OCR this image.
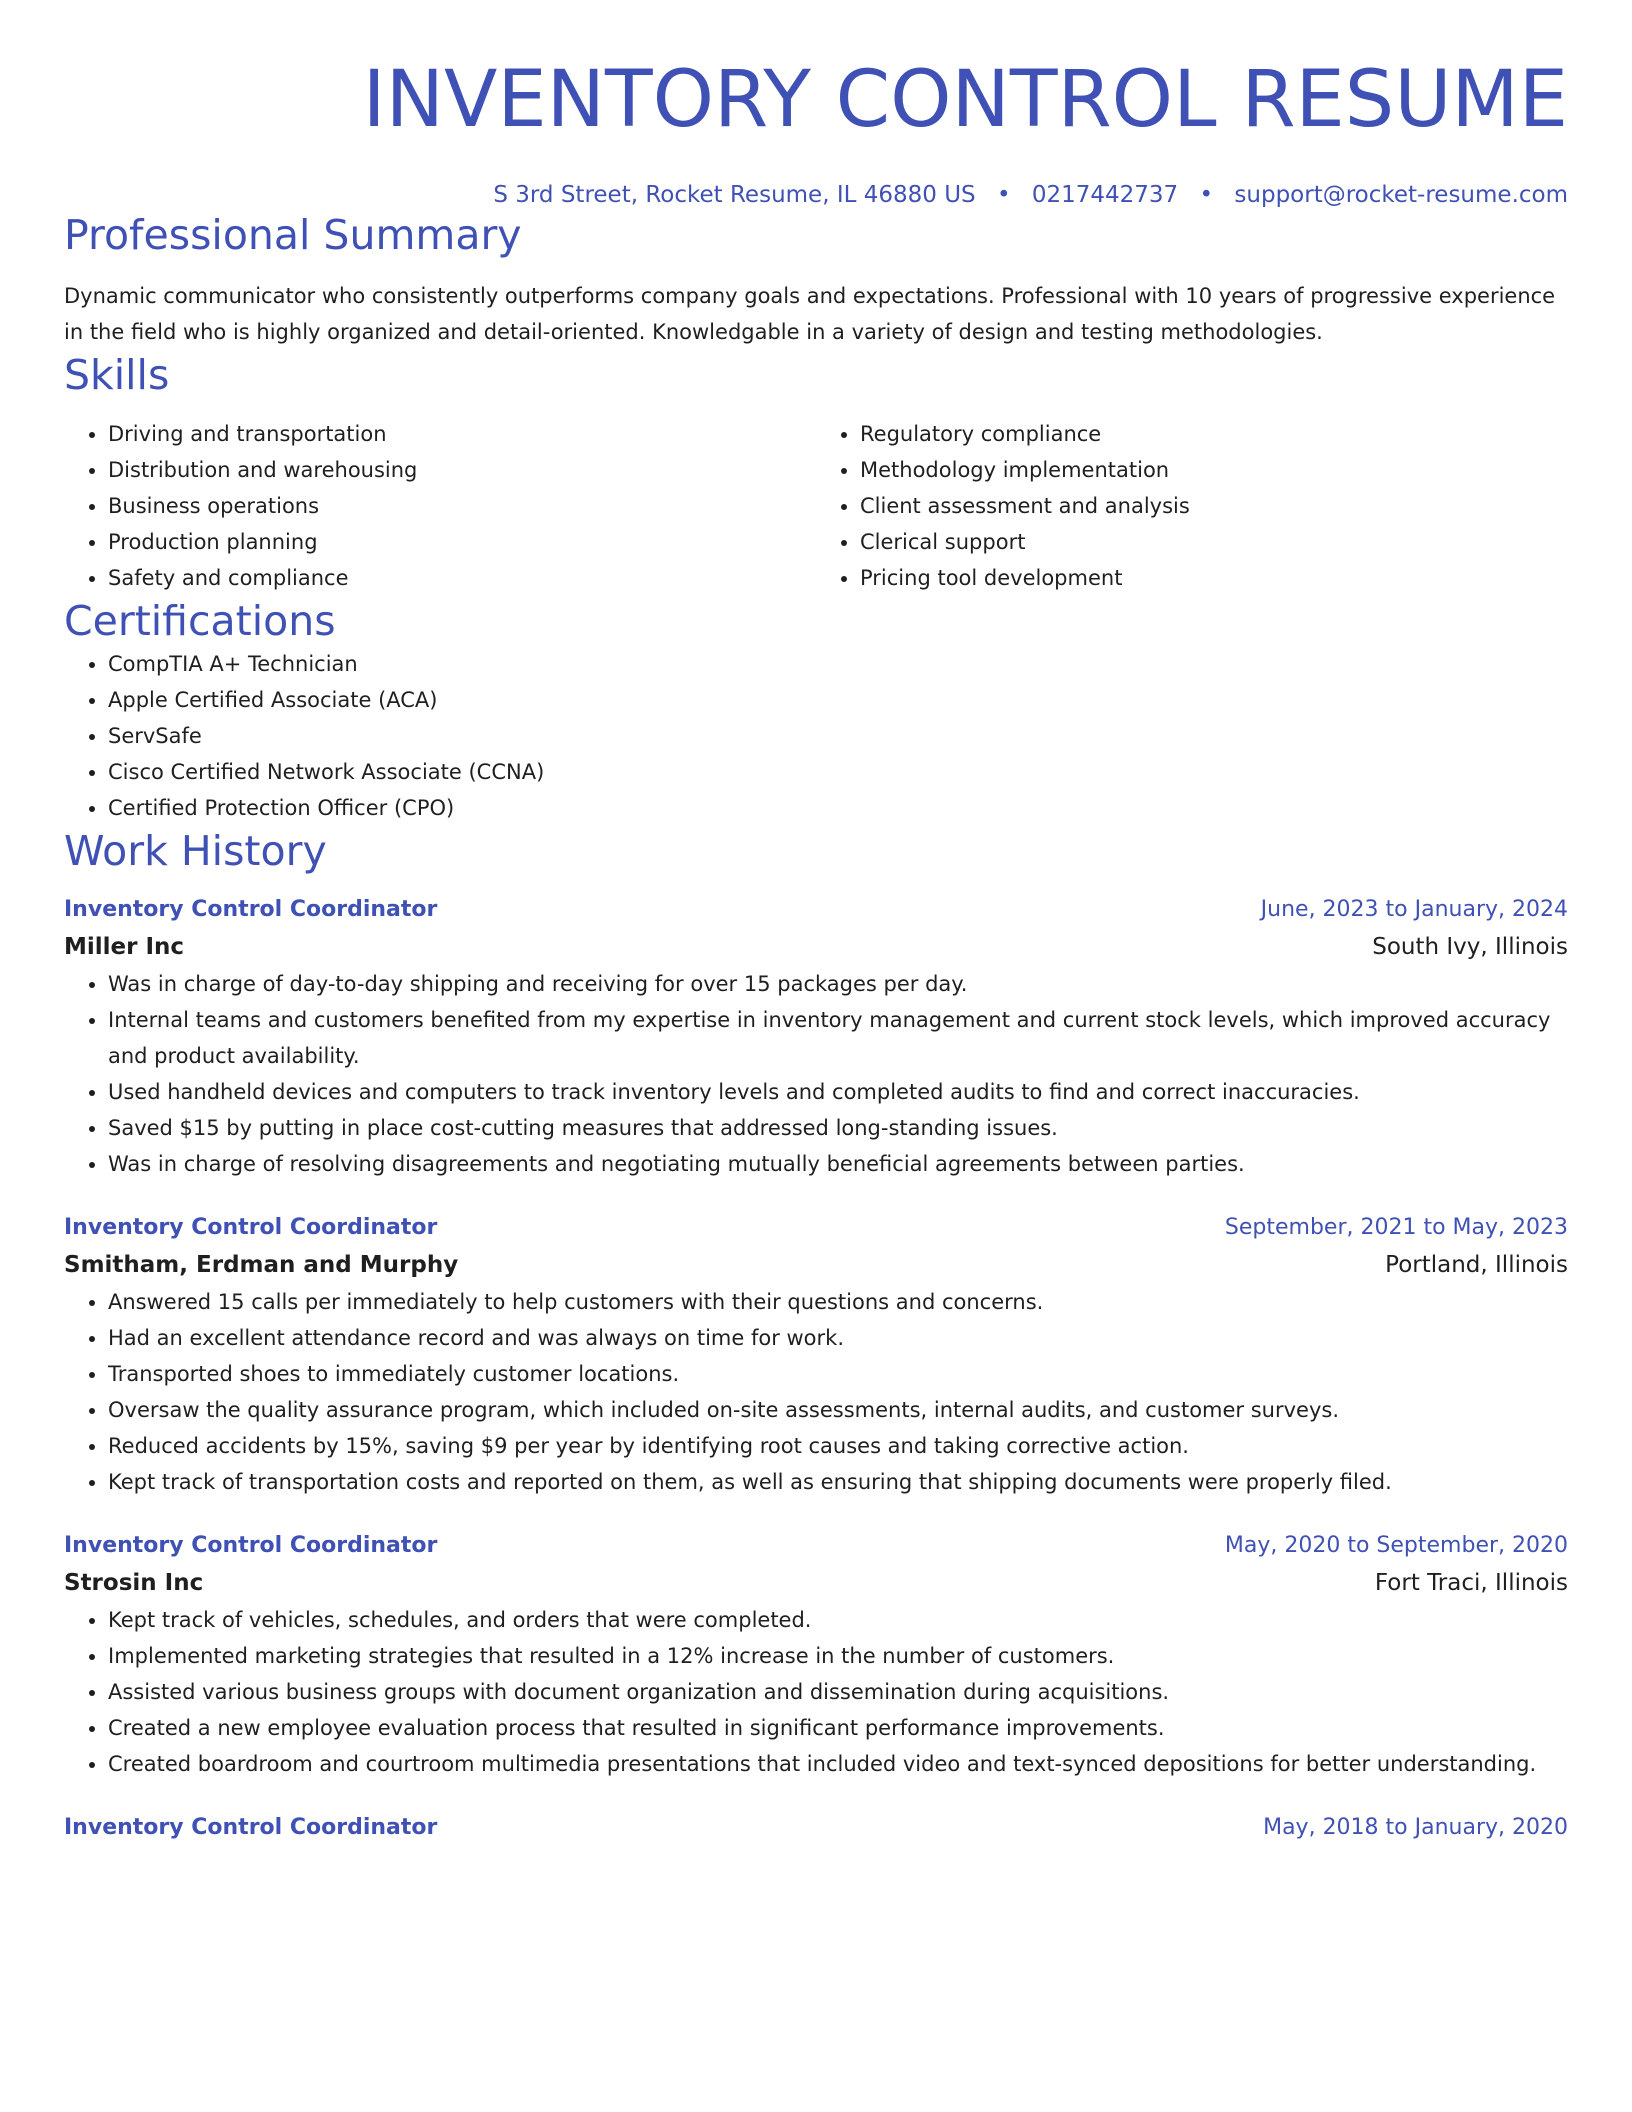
INVENTORY CONTROL RESUME
S 3rd Street, Rocket Resume, IL 46880 US • 0217442737 • support@rocket-resume.com
Professional Summary
Dynamic communicator who consistently outperforms company goals and expectations. Professional with 10 years of progressive experience in the field who is highly organized and detail-oriented. Knowledgable in a variety of design and testing methodologies.
Skills
• Driving and transportation
• Distribution and warehousing
• Business operations
• Production planning
• Safety and compliance
• Regulatory compliance
• Methodology implementation
• Client assessment and analysis
• Clerical support
• Pricing tool development
Certifications
• CompTIA A+ Technician
• Apple Certified Associate (ACA)
• ServSafe
• Cisco Certified Network Associate (CCNA)
• Certified Protection Officer (CPO)
Work History
Inventory Control Coordinator	June, 2023 to January, 2024
Miller Inc	South Ivy, Illinois
• Was in charge of day-to-day shipping and receiving for over 15 packages per day.
• Internal teams and customers benefited from my expertise in inventory management and current stock levels, which improved accuracy and product availability.
• Used handheld devices and computers to track inventory levels and completed audits to find and correct inaccuracies.
• Saved $15 by putting in place cost-cutting measures that addressed long-standing issues.
• Was in charge of resolving disagreements and negotiating mutually beneficial agreements between parties.
Inventory Control Coordinator	September, 2021 to May, 2023
Smitham, Erdman and Murphy	Portland, Illinois
• Answered 15 calls per immediately to help customers with their questions and concerns.
• Had an excellent attendance record and was always on time for work.
• Transported shoes to immediately customer locations.
• Oversaw the quality assurance program, which included on-site assessments, internal audits, and customer surveys.
• Reduced accidents by 15%, saving $9 per year by identifying root causes and taking corrective action.
• Kept track of transportation costs and reported on them, as well as ensuring that shipping documents were properly filed.
Inventory Control Coordinator	May, 2020 to September, 2020
Strosin Inc	Fort Traci, Illinois
• Kept track of vehicles, schedules, and orders that were completed.
• Implemented marketing strategies that resulted in a 12% increase in the number of customers.
• Assisted various business groups with document organization and dissemination during acquisitions.
• Created a new employee evaluation process that resulted in significant performance improvements.
• Created boardroom and courtroom multimedia presentations that included video and text-synced depositions for better understanding.
Inventory Control Coordinator	May, 2018 to January, 2020
